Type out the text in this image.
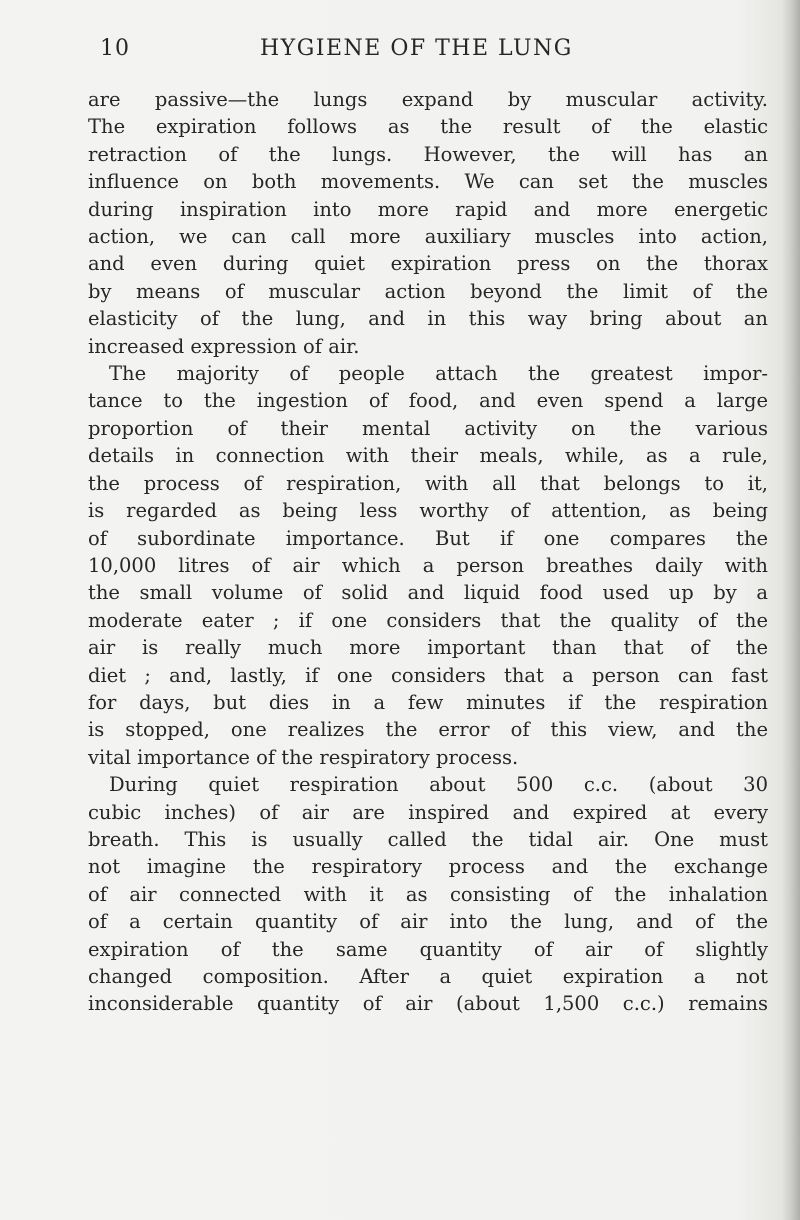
10	HYGIENE OF THE LUNG
are passive—the lungs expand by muscular activity.
The expiration follows as the result of the elastic
retraction of the lungs. However, the will has an
influence on both movements. We can set the muscles
during inspiration into more rapid and more energetic
action, we can call more auxiliary muscles into action,
and even during quiet expiration press on the thorax
by means of muscular action beyond the limit of the
elasticity of the lung, and in this way bring about an
increased expression of air.
The majority of people attach the greatest impor-
tance to the ingestion of food, and even spend a large
proportion of their mental activity on the various
details in connection with their meals, while, as a rule,
the process of respiration, with all that belongs to it,
is regarded as being less worthy of attention, as being
of subordinate importance. But if one compares the
10,000 litres of air which a person breathes daily with
the small volume of solid and liquid food used up by a
moderate eater ; if one considers that the quality of the
air is really much more important than that of the
diet ; and, lastly, if one considers that a person can fast
for days, but dies in a few minutes if the respiration
is stopped, one realizes the error of this view, and the
vital importance of the respiratory process.
During quiet respiration about 500 c.c. (about 30
cubic inches) of air are inspired and expired at every
breath. This is usually called the tidal air. One must
not imagine the respiratory process and the exchange
of air connected with it as consisting of the inhalation
of a certain quantity of air into the lung, and of the
expiration of the same quantity of air of slightly
changed composition. After a quiet expiration a not
inconsiderable quantity of air (about 1,500 c.c.) remains
